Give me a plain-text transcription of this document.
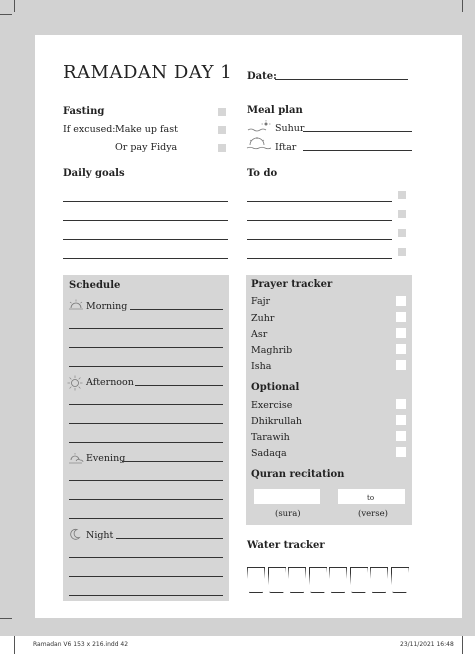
RAMADAN DAY 1 Date:
Fasting
If excused: Make up fast
Or pay Fidya
Meal plan
Suhur
Iftar
Daily goals	To do
Schedule
Morning
Afternoon
Evening
Night
Prayer tracker
Fajr
Zuhr
Asr
Maghrib
Isha
Optional
Exercise
Dhikrullah
Tarawih
Sadaqa
Quran recitation
to
(sura)	(verse)
Water tracker
Ramadan V6 153 x 216.indd 42	23/11/2021 16:48
